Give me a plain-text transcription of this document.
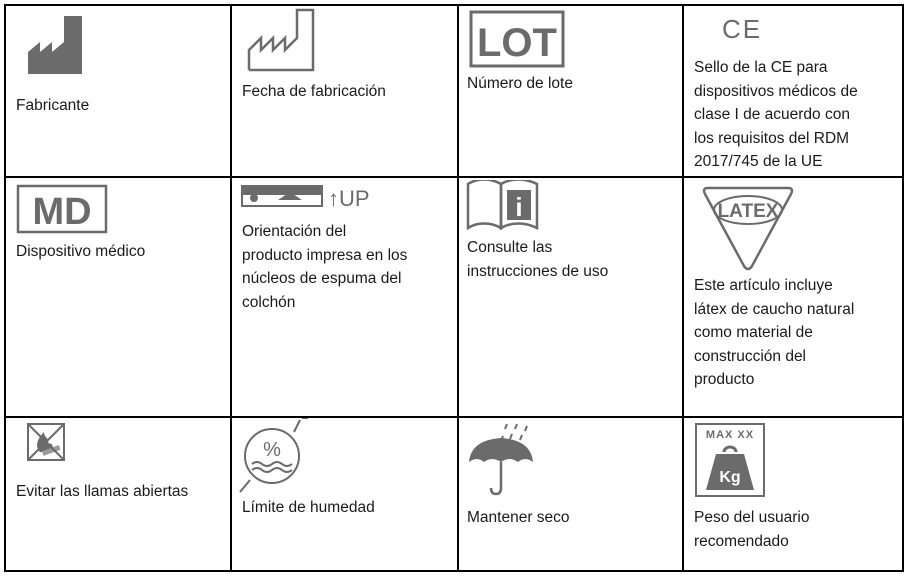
Fabricante
Fecha de fabricación
LOT
Número de lote
CE
Sello de la CE para
dispositivos médicos de
clase I de acuerdo con
los requisitos del RDM
2017/745 de la UE
MD
Dispositivo médico
↑UP
Orientación del
producto impresa en los
núcleos de espuma del
colchón
i
Consulte las
instrucciones de uso
LATEX
Este artículo incluye
látex de caucho natural
como material de
construcción del
producto
Evitar las llamas abiertas
%
Límite de humedad
Mantener seco
MAX XX
Kg
Peso del usuario
recomendado
